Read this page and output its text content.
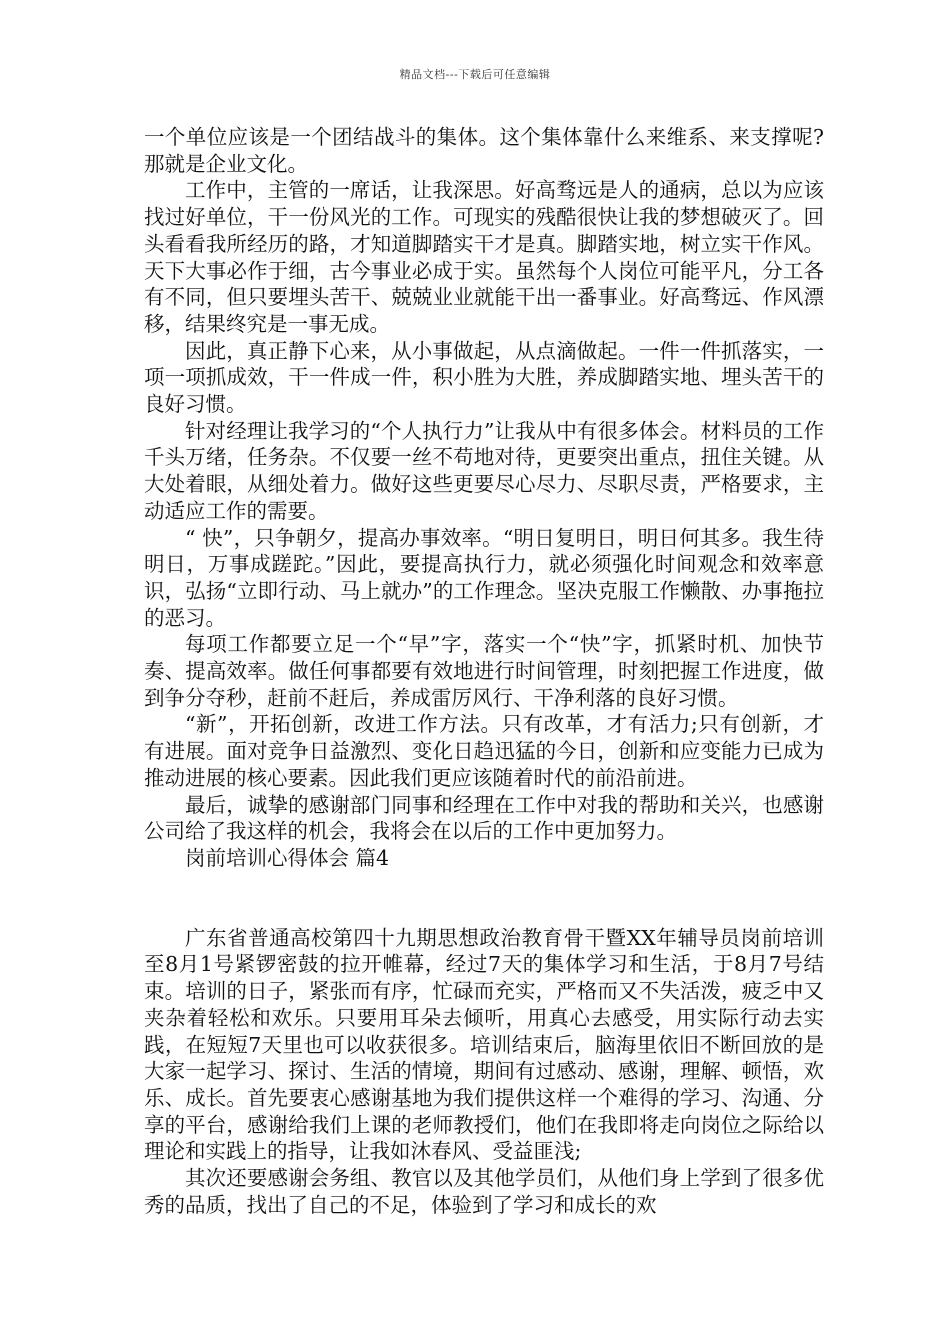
精品文档---下载后可任意编辑

一个单位应该是一个团结战斗的集体。这个集体靠什么来维系、来支撑呢?那就是企业文化。

工作中，主管的一席话，让我深思。好高骛远是人的通病，总以为应该找过好单位，干一份风光的工作。可现实的残酷很快让我的梦想破灭了。回头看看我所经历的路，才知道脚踏实干才是真。脚踏实地，树立实干作风。天下大事必作于细，古今事业必成于实。虽然每个人岗位可能平凡，分工各有不同，但只要埋头苦干、兢兢业业就能干出一番事业。好高骛远、作风漂移，结果终究是一事无成。

因此，真正静下心来，从小事做起，从点滴做起。一件一件抓落实，一项一项抓成效，干一件成一件，积小胜为大胜，养成脚踏实地、埋头苦干的良好习惯。

针对经理让我学习的“个人执行力”让我从中有很多体会。材料员的工作千头万绪，任务杂。不仅要一丝不苟地对待，更要突出重点，扭住关键。从大处着眼，从细处着力。做好这些更要尽心尽力、尽职尽责，严格要求，主动适应工作的需要。

“ 快”，只争朝夕，提高办事效率。“明日复明日，明日何其多。我生待明日，万事成蹉跎。”因此，要提高执行力，就必须强化时间观念和效率意识，弘扬“立即行动、马上就办”的工作理念。坚决克服工作懒散、办事拖拉的恶习。

每项工作都要立足一个“早”字，落实一个“快”字，抓紧时机、加快节奏、提高效率。做任何事都要有效地进行时间管理，时刻把握工作进度，做到争分夺秒，赶前不赶后，养成雷厉风行、干净利落的良好习惯。

“新”，开拓创新，改进工作方法。只有改革，才有活力;只有创新，才有进展。面对竞争日益激烈、变化日趋迅猛的今日，创新和应变能力已成为推动进展的核心要素。因此我们更应该随着时代的前沿前进。

最后，诚挚的感谢部门同事和经理在工作中对我的帮助和关兴，也感谢公司给了我这样的机会，我将会在以后的工作中更加努力。

岗前培训心得体会 篇4

广东省普通高校第四十九期思想政治教育骨干暨XX年辅导员岗前培训至8月1号紧锣密鼓的拉开帷幕，经过7天的集体学习和生活，于8月7号结束。培训的日子，紧张而有序，忙碌而充实，严格而又不失活泼，疲乏中又夹杂着轻松和欢乐。只要用耳朵去倾听，用真心去感受，用实际行动去实践，在短短7天里也可以收获很多。培训结束后，脑海里依旧不断回放的是大家一起学习、探讨、生活的情境，期间有过感动、感谢，理解、顿悟，欢乐、成长。首先要衷心感谢基地为我们提供这样一个难得的学习、沟通、分享的平台，感谢给我们上课的老师教授们，他们在我即将走向岗位之际给以理论和实践上的指导，让我如沐春风、受益匪浅;

其次还要感谢会务组、教官以及其他学员们，从他们身上学到了很多优秀的品质，找出了自己的不足，体验到了学习和成长的欢
